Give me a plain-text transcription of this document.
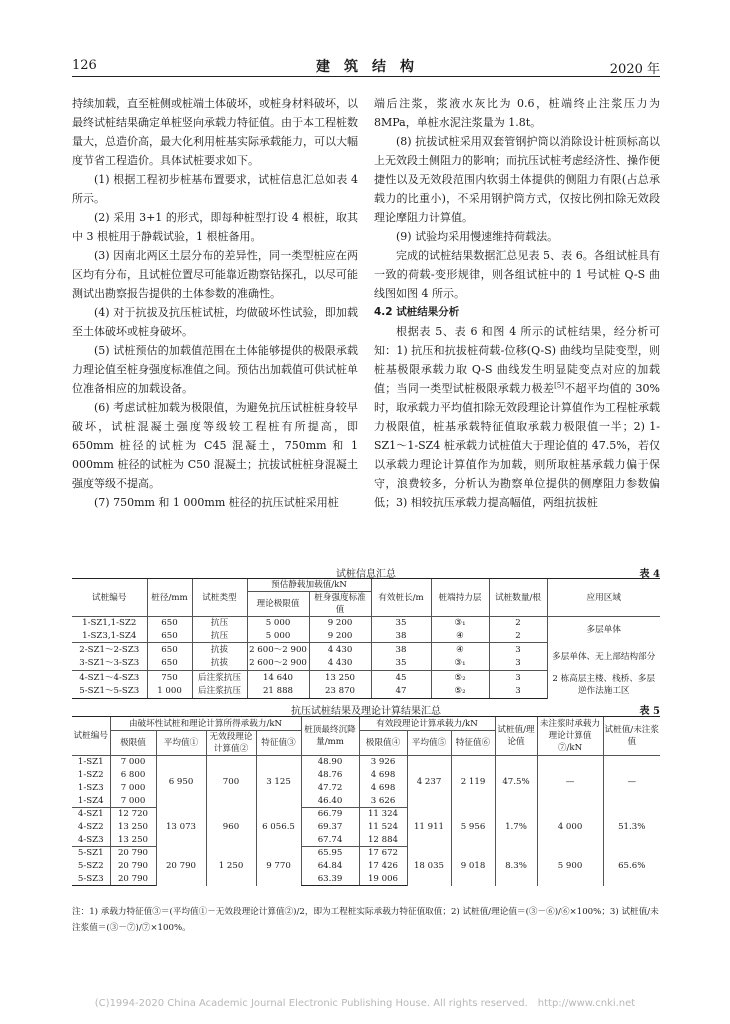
126	建　筑　结　构	2020 年

持续加载，直至桩侧或桩端土体破坏，或桩身材料破坏，以最终试桩结果确定单桩竖向承载力特征值。由于本工程桩数量大，总造价高，最大化利用桩基实际承载能力，可以大幅度节省工程造价。具体试桩要求如下。

(1) 根据工程初步桩基布置要求，试桩信息汇总如表 4 所示。

(2) 采用 3+1 的形式，即每种桩型打设 4 根桩，取其中 3 根桩用于静载试验，1 根桩备用。

(3) 因南北两区土层分布的差异性，同一类型桩应在两区均有分布，且试桩位置尽可能靠近勘察钻探孔，以尽可能测试出勘察报告提供的土体参数的准确性。

(4) 对于抗拔及抗压桩试桩，均做破坏性试验，即加载至土体破坏或桩身破坏。

(5) 试桩预估的加载值范围在土体能够提供的极限承载力理论值至桩身强度标准值之间。预估出加载值可供试桩单位准备相应的加载设备。

(6) 考虑试桩加载为极限值，为避免抗压试桩桩身较早破坏，试桩混凝土强度等级较工程桩有所提高，即 650mm 桩径的试桩为 C45 混凝土，750mm 和 1 000mm 桩径的试桩为 C50 混凝土；抗拔试桩桩身混凝土强度等级不提高。

(7) 750mm 和 1 000mm 桩径的抗压试桩采用桩

端后注浆，浆液水灰比为 0.6，桩端终止注浆压力为 8MPa，单桩水泥注浆量为 1.8t。

(8) 抗拔试桩采用双套管钢护筒以消除设计桩顶标高以上无效段土侧阻力的影响；而抗压试桩考虑经济性、操作便捷性以及无效段范围内软弱土体提供的侧阻力有限(占总承载力的比重小)，不采用钢护筒方式，仅按比例扣除无效段理论摩阻力计算值。

(9) 试验均采用慢速维持荷载法。

完成的试桩结果数据汇总见表 5、表 6。各组试桩具有一致的荷载-变形规律，则各组试桩中的 1 号试桩 Q-S 曲线图如图 4 所示。

4.2 试桩结果分析

根据表 5、表 6 和图 4 所示的试桩结果，经分析可知：1) 抗压和抗拔桩荷载-位移(Q-S) 曲线均呈陡变型，则桩基极限承载力取 Q-S 曲线发生明显陡变点对应的加载值；当同一类型试桩极限承载力极差[5]不超平均值的 30% 时，取承载力平均值扣除无效段理论计算值作为工程桩承载力极限值，桩基承载特征值取承载力极限值一半；2) 1-SZ1～1-SZ4 桩承载力试桩值大于理论值的 47.5%，若仅以承载力理论计算值作为加载，则所取桩基承载力偏于保守，浪费较多，分析认为勘察单位提供的侧摩阻力参数偏低；3) 相较抗压承载力提高幅值，两组抗拔桩

试桩信息汇总	表 4
试桩编号	桩径/mm	试桩类型	预估静载加载值/kN		有效桩长/m	桩端持力层	试桩数量/根	应用区域
			理论极限值	桩身强度标准值				
1-SZ1,1-SZ2	650	抗压	5 000	9 200	35	③₁	2	多层单体
1-SZ3,1-SZ4	650	抗压	5 000	9 200	38	④	2	
2-SZ1～2-SZ3	650	抗拔	2 600～2 900	4 430	38	④	3	多层单体、无上部结构部分
3-SZ1～3-SZ3	650	抗拔	2 600～2 900	4 430	35	③₁	3	
4-SZ1～4-SZ3	750	后注浆抗压	14 640	13 250	45	⑤₂	3	2 栋高层主楼、栈桥、多层逆作法施工区
5-SZ1～5-SZ3	1 000	后注浆抗压	21 888	23 870	47	⑤₂	3	
抗压试桩结果及理论计算结果汇总	表 5
试桩编号	由破坏性试桩和理论计算所得承载力/kN				桩顶最终沉降量/mm	有效段理论计算承载力/kN			试桩值/理论值	未注浆时承载力理论计算值⑦/kN	试桩值/未注浆值
	极限值	平均值①	无效段理论计算值②	特征值③		极限值④	平均值⑤	特征值⑥			
1-SZ1	7 000	6 950	700	3 125	48.90	3 926	4 237	2 119	47.5%	—	—
1-SZ2	6 800				48.76	4 698					
1-SZ3	7 000				47.72	4 698					
1-SZ4	7 000				46.40	3 626					
4-SZ1	12 720	13 073	960	6 056.5	66.79	11 324	11 911	5 956	1.7%	4 000	51.3%
4-SZ2	13 250				69.37	11 524					
4-SZ3	13 250				67.74	12 884					
5-SZ1	20 790	20 790	1 250	9 770	65.95	17 672	18 035	9 018	8.3%	5 900	65.6%
5-SZ2	20 790				64.84	17 426					
5-SZ3	20 790				63.39	19 006					
注：1) 承载力特征值③＝(平均值①－无效段理论计算值②)/2，即为工程桩实际承载力特征值取值；2) 试桩值/理论值＝(③－⑥)/⑥×100%；3) 试桩值/未注浆值＝(③－⑦)/⑦×100%。
(C)1994-2020 China Academic Journal Electronic Publishing House. All rights reserved.　http://www.cnki.net
